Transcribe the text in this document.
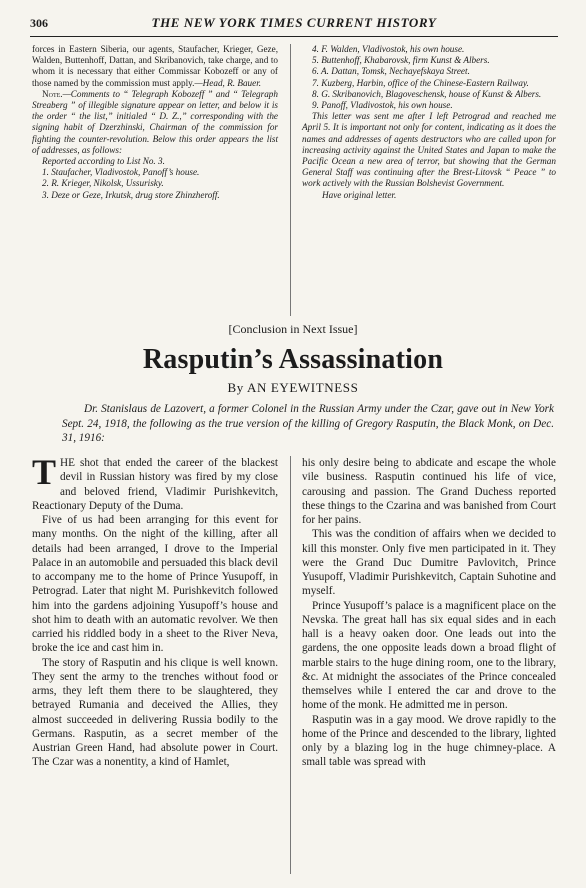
306	THE NEW YORK TIMES CURRENT HISTORY

forces in Eastern Siberia, our agents, Staufacher, Krieger, Geze, Walden, Buttenhoff, Dattan, and Skribanovich, take charge, and to whom it is necessary that either Commissar Kobozeff or any of those named by the commission must apply.—Head, R. Bauer.

Note.—Comments to “ Telegraph Kobozeff ” and “ Telegraph Streaberg ” of illegible signature appear on letter, and below it is the order “ the list,” initialed “ D. Z.,” corresponding with the signing habit of Dzerzhinski, Chairman of the commission for fighting the counter-revolution. Below this order appears the list of addresses, as follows:

Reported according to List No. 3.

1. Staufacher, Vladivostok, Panoff’s house.

2. R. Krieger, Nikolsk, Ussurisky.

3. Deze or Geze, Irkutsk, drug store Zhinzheroff.

4. F. Walden, Vladivostok, his own house.

5. Buttenhoff, Khabarovsk, firm Kunst & Albers.

6. A. Dattan, Tomsk, Nechayefskaya Street.

7. Kuzberg, Harbin, office of the Chinese-Eastern Railway.

8. G. Skribanovich, Blagoveschensk, house of Kunst & Albers.

9. Panoff, Vladivostok, his own house.

This letter was sent me after I left Petrograd and reached me April 5. It is important not only for content, indicating as it does the names and addresses of agents destructors who are called upon for increasing activity against the United States and Japan to make the Pacific Ocean a new area of terror, but showing that the German General Staff was continuing after the Brest-Litovsk “ Peace ” to work actively with the Russian Bolshevist Government.

Have original letter.

[Conclusion in Next Issue]
Rasputin’s Assassination
By AN EYEWITNESS
Dr. Stanislaus de Lazovert, a former Colonel in the Russian Army under the Czar, gave out in New York Sept. 24, 1918, the following as the true version of the killing of Gregory Rasputin, the Black Monk, on Dec. 31, 1916:

THE shot that ended the career of the blackest devil in Russian history was fired by my close and beloved friend, Vladimir Purishkevitch, Reactionary Deputy of the Duma.

Five of us had been arranging for this event for many months. On the night of the killing, after all details had been arranged, I drove to the Imperial Palace in an automobile and persuaded this black devil to accompany me to the home of Prince Yusupoff, in Petrograd. Later that night M. Purishkevitch followed him into the gardens adjoining Yusupoff’s house and shot him to death with an automatic revolver. We then carried his riddled body in a sheet to the River Neva, broke the ice and cast him in.

The story of Rasputin and his clique is well known. They sent the army to the trenches without food or arms, they left them there to be slaughtered, they betrayed Rumania and deceived the Allies, they almost succeeded in delivering Russia bodily to the Germans. Rasputin, as a secret member of the Austrian Green Hand, had absolute power in Court. The Czar was a nonentity, a kind of Hamlet,

his only desire being to abdicate and escape the whole vile business. Rasputin continued his life of vice, carousing and passion. The Grand Duchess reported these things to the Czarina and was banished from Court for her pains.

This was the condition of affairs when we decided to kill this monster. Only five men participated in it. They were the Grand Duc Dumitre Pavlovitch, Prince Yusupoff, Vladimir Purishkevitch, Captain Suhotine and myself.

Prince Yusupoff’s palace is a magnificent place on the Nevska. The great hall has six equal sides and in each hall is a heavy oaken door. One leads out into the gardens, the one opposite leads down a broad flight of marble stairs to the huge dining room, one to the library, &c. At midnight the associates of the Prince concealed themselves while I entered the car and drove to the home of the monk. He admitted me in person.

Rasputin was in a gay mood. We drove rapidly to the home of the Prince and descended to the library, lighted only by a blazing log in the huge chimney-place. A small table was spread with
